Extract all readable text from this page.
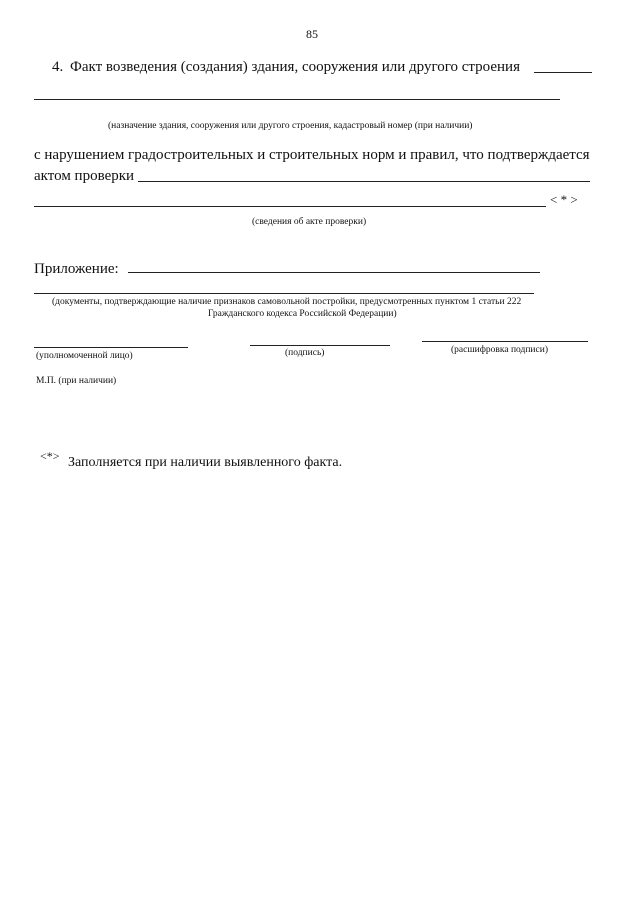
85
4. Факт возведения (создания) здания, сооружения или другого строения
(назначение здания, сооружения или другого строения, кадастровый номер (при наличии)
с нарушением градостроительных и строительных норм и правил, что подтверждается
актом проверки
< * >
(сведения об акте проверки)
Приложение:
(документы, подтверждающие наличие признаков самовольной постройки, предусмотренных пунктом 1 статьи 222
Гражданского кодекса Российской Федерации)
(уполномоченной лицо)	(подпись)	(расшифровка подписи)
М.П. (при наличии)
<*> Заполняется при наличии выявленного факта.
